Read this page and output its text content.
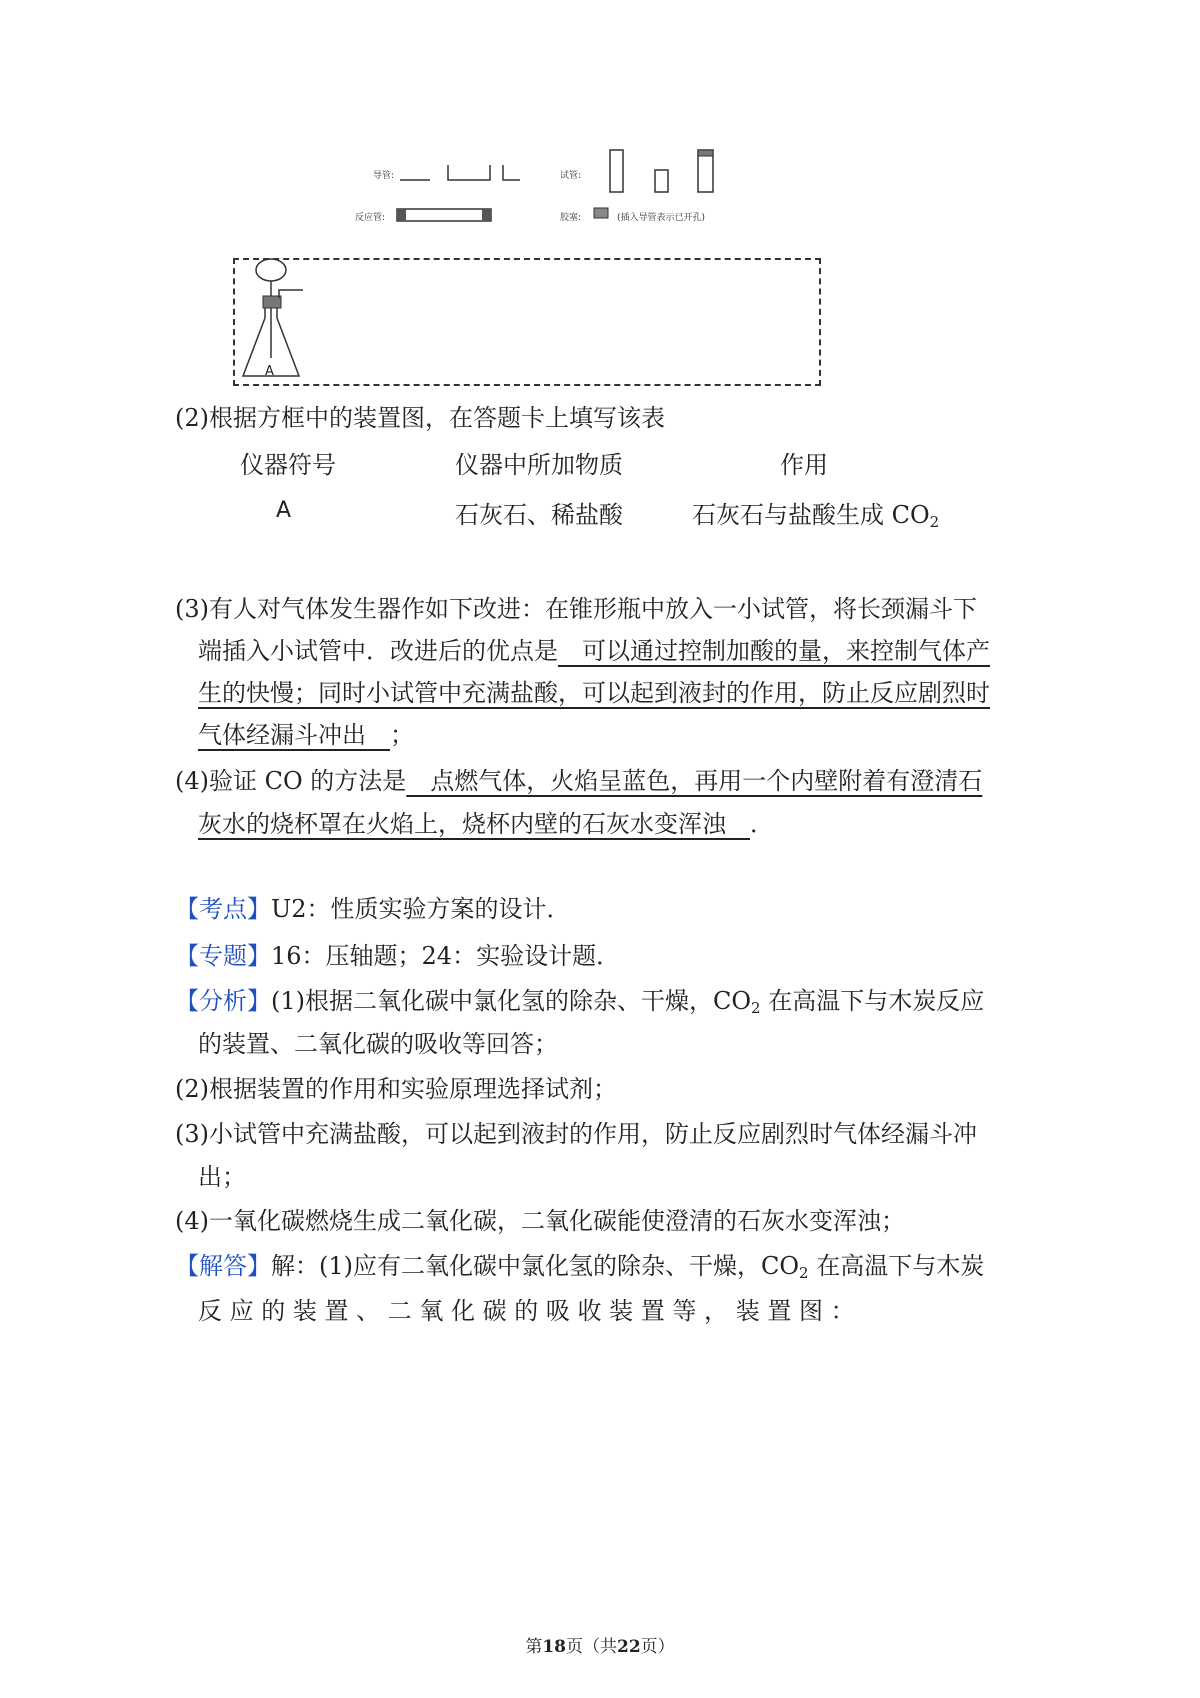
导管:	试管:
反应管:	胶塞:	(插入导管表示已开孔)
A
(2)根据方框中的装置图，在答题卡上填写该表
仪器符号	仪器中所加物质	作用
A	石灰石、稀盐酸	石灰石与盐酸生成 $CO_2$
(3)有人对气体发生器作如下改进：在锥形瓶中放入一小试管，将长颈漏斗下
端插入小试管中．改进后的优点是　可以通过控制加酸的量，来控制气体产
生的快慢；同时小试管中充满盐酸，可以起到液封的作用，防止反应剧烈时
气体经漏斗冲出　；
(4)验证 CO 的方法是　点燃气体，火焰呈蓝色，再用一个内壁附着有澄清石
灰水的烧杯罩在火焰上，烧杯内壁的石灰水变浑浊　．
【考点】U2：性质实验方案的设计．
【专题】16：压轴题；24：实验设计题．
【分析】(1)根据二氧化碳中氯化氢的除杂、干燥，$CO_2$ 在高温下与木炭反应
的装置、二氧化碳的吸收等回答；
(2)根据装置的作用和实验原理选择试剂；
(3)小试管中充满盐酸，可以起到液封的作用，防止反应剧烈时气体经漏斗冲
出；
(4)一氧化碳燃烧生成二氧化碳，二氧化碳能使澄清的石灰水变浑浊；
【解答】解：(1)应有二氧化碳中氯化氢的除杂、干燥，$CO_2$ 在高温下与木炭
反 应 的 装 置 、 二 氧 化 碳 的 吸 收 装 置 等 ， 装 置 图 ：
第18页（共22页）
